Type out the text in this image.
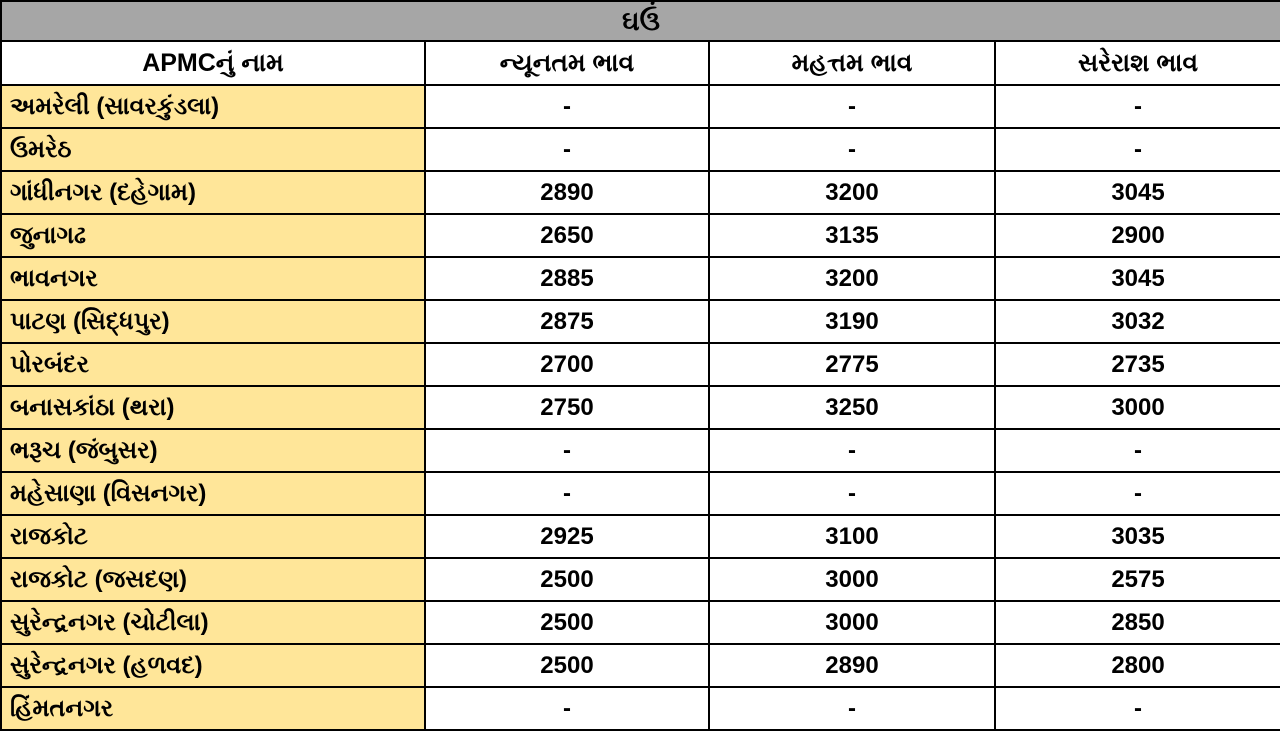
ઘઉં			
APMCનું નામ	ન્યૂનતમ ભાવ	મહત્તમ ભાવ	સરેરાશ ભાવ
અમરેલી (સાવરકુંડલા)	-	-	-
ઉમરેઠ	-	-	-
ગાંધીનગર (દહેગામ)	2890	3200	3045
જુનાગઢ	2650	3135	2900
ભાવનગર	2885	3200	3045
પાટણ (સિદ્ધપુર)	2875	3190	3032
પોરબંદર	2700	2775	2735
બનાસકાંઠા (થરા)	2750	3250	3000
ભરૂચ (જંબુસર)	-	-	-
મહેસાણા (વિસનગર)	-	-	-
રાજકોટ	2925	3100	3035
રાજકોટ (જસદણ)	2500	3000	2575
સુરેન્દ્રનગર (ચોટીલા)	2500	3000	2850
સુરેન્દ્રનગર (હળવદ)	2500	2890	2800
હિંમતનગર	-	-	-
